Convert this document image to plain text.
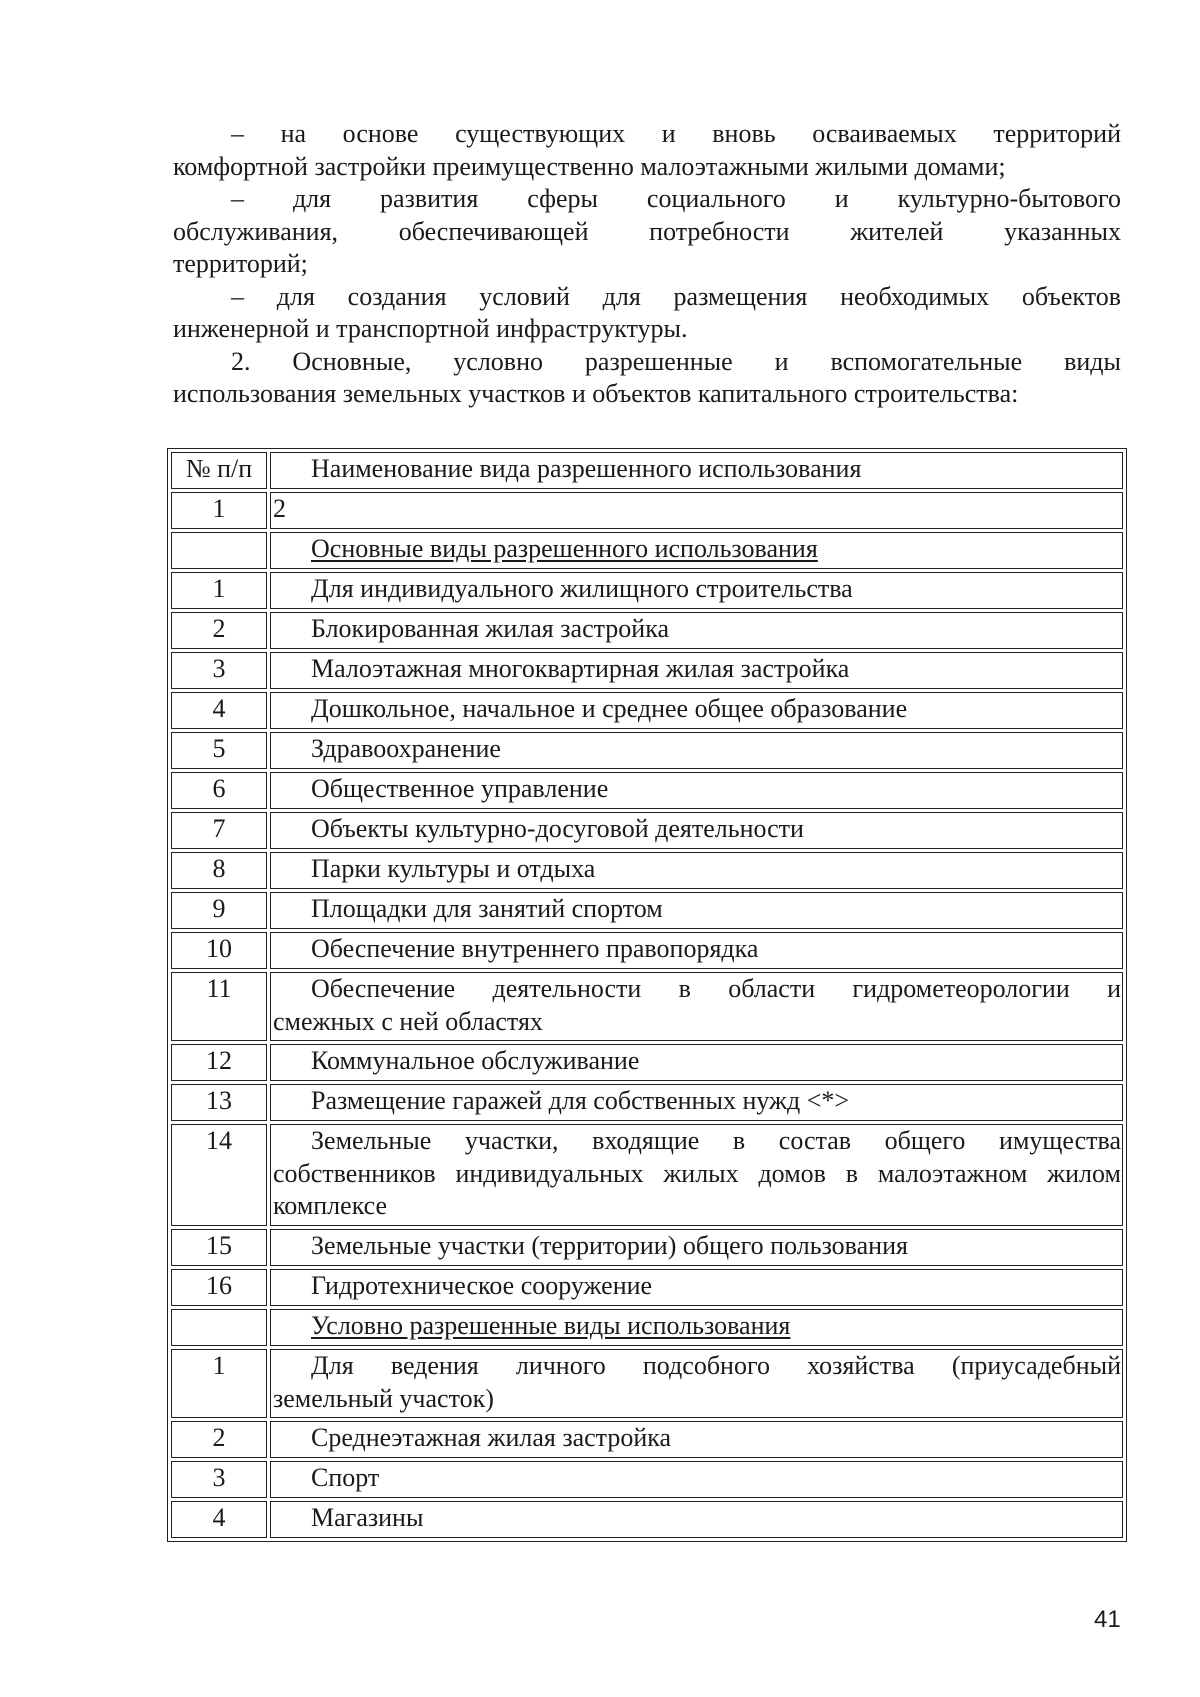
– на основе существующих и вновь осваиваемых территорий

комфортной застройки преимущественно малоэтажными жилыми домами;

– для развития сферы социального и культурно-бытового

обслуживания, обеспечивающей потребности жителей указанных

территорий;

– для создания условий для размещения необходимых объектов

инженерной и транспортной инфраструктуры.

2. Основные, условно разрешенные и вспомогательные виды

использования земельных участков и объектов капитального строительства:

№ п/п	Наименование вида разрешенного использования

1	2

	Основные виды разрешенного использования

1	Для индивидуального жилищного строительства

2	Блокированная жилая застройка

3	Малоэтажная многоквартирная жилая застройка

4	Дошкольное, начальное и среднее общее образование

5	Здравоохранение

6	Общественное управление

7	Объекты культурно-досуговой деятельности

8	Парки культуры и отдыха

9	Площадки для занятий спортом

10	Обеспечение внутреннего правопорядка

11	Обеспечение деятельности в области гидрометеорологии и
смежных с ней областях
12	Коммунальное обслуживание

13	Размещение гаражей для собственных нужд <*>

14	Земельные участки, входящие в состав общего имущества
собственников индивидуальных жилых домов в малоэтажном жилом
комплексе
15	Земельные участки (территории) общего пользования

16	Гидротехническое сооружение

	Условно разрешенные виды использования

1	Для ведения личного подсобного хозяйства (приусадебный
земельный участок)
2	Среднеэтажная жилая застройка

3	Спорт

4	Магазины
41
